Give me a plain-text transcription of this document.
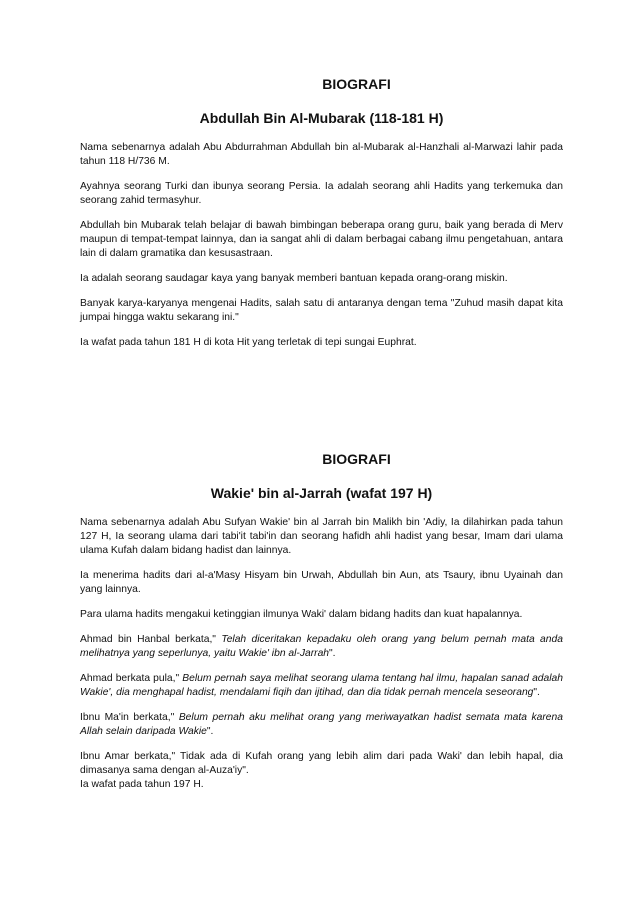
BIOGRAFI
Abdullah Bin Al-Mubarak (118-181 H)

Nama sebenarnya adalah Abu Abdurrahman Abdullah bin al-Mubarak al-Hanzhali al-Marwazi lahir pada tahun 118 H/736 M.

Ayahnya seorang Turki dan ibunya seorang Persia. Ia adalah seorang ahli Hadits yang terkemuka dan seorang zahid termasyhur.

Abdullah bin Mubarak telah belajar di bawah bimbingan beberapa orang guru, baik yang berada di Merv maupun di tempat-tempat lainnya, dan ia sangat ahli di dalam berbagai cabang ilmu pengetahuan, antara lain di dalam gramatika dan kesusastraan.

Ia adalah seorang saudagar kaya yang banyak memberi bantuan kepada orang-orang miskin.

Banyak karya-karyanya mengenai Hadits, salah satu di antaranya dengan tema "Zuhud masih dapat kita jumpai hingga waktu sekarang ini."

Ia wafat pada tahun 181 H di kota Hit yang terletak di tepi sungai Euphrat.

BIOGRAFI
Wakie' bin al-Jarrah (wafat 197 H)

Nama sebenarnya adalah Abu Sufyan Wakie' bin al Jarrah bin Malikh bin 'Adiy, Ia dilahirkan pada tahun 127 H, Ia seorang ulama dari tabi'it tabi'in dan seorang hafidh ahli hadist yang besar, Imam dari ulama ulama Kufah dalam bidang hadist dan lainnya.

Ia menerima hadits dari al-a'Masy Hisyam bin Urwah, Abdullah bin Aun, ats Tsaury, ibnu Uyainah dan yang lainnya.

Para ulama hadits mengakui ketinggian ilmunya Waki' dalam bidang hadits dan kuat hapalannya.

Ahmad bin Hanbal berkata," Telah diceritakan kepadaku oleh orang yang belum pernah mata anda melihatnya yang seperlunya, yaitu Wakie' ibn al-Jarrah".

Ahmad berkata pula," Belum pernah saya melihat seorang ulama tentang hal ilmu, hapalan sanad adalah Wakie', dia menghapal hadist, mendalami fiqih dan ijtihad, dan dia tidak pernah mencela seseorang".

Ibnu Ma'in berkata," Belum pernah aku melihat orang yang meriwayatkan hadist semata mata karena Allah selain daripada Wakie".

Ibnu Amar berkata," Tidak ada di Kufah orang yang lebih alim dari pada Waki' dan lebih hapal, dia dimasanya sama dengan al-Auza'iy".

Ia wafat pada tahun 197 H.
